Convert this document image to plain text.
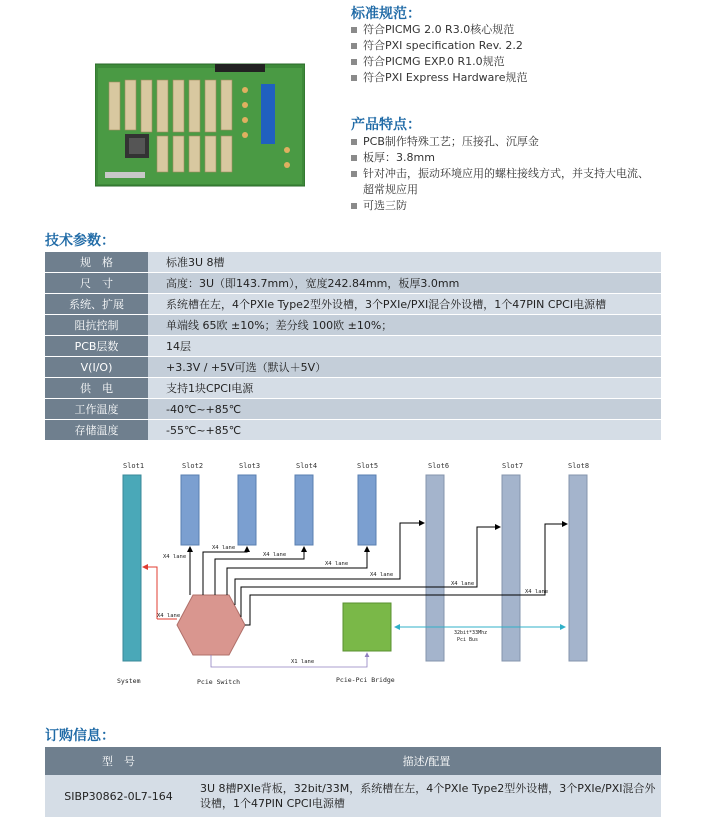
标准规范：
符合PICMG 2.0 R3.0核心规范
符合PXI specification Rev. 2.2
符合PICMG EXP.0 R1.0规范
符合PXI Express Hardware规范
产品特点：
PCB制作特殊工艺；压接孔、沉厚金
板厚：3.8mm
针对冲击，振动环境应用的螺柱接线方式，并支持大电流、
超常规应用
可选三防
技术参数：
规　格	标准3U 8槽
尺　寸	高度：3U（即143.7mm），宽度242.84mm，板厚3.0mm
系统、扩展	系统槽在左，4个PXIe Type2型外设槽，3个PXIe/PXI混合外设槽，1个47PIN CPCI电源槽
阻抗控制	单端线 65欧 ±10%；差分线 100欧 ±10%；
PCB层数	14层
V(I/O)	+3.3V / +5V可选（默认＋5V）
供　电	支持1块CPCI电源
工作温度	-40℃~+85℃
存储温度	-55℃~+85℃
Slot1	Slot2	Slot3	Slot4	Slot5	Slot6	Slot7	Slot8
X4 lane
X4 lane
X4 lane
X4 lane
X4 lane
X4 lane
X4 lane
X4 lane
X1 lane
32bit*33Mhz
Pci Bus
System	Pcie Switch	Pcie-Pci Bridge
订购信息：
型　号	描述/配置
SIBP30862-0L7-164	3U 8槽PXIe背板，32bit/33M，系统槽在左，4个PXIe Type2型外设槽，3个PXIe/PXI混合外设槽，1个47PIN CPCI电源槽
